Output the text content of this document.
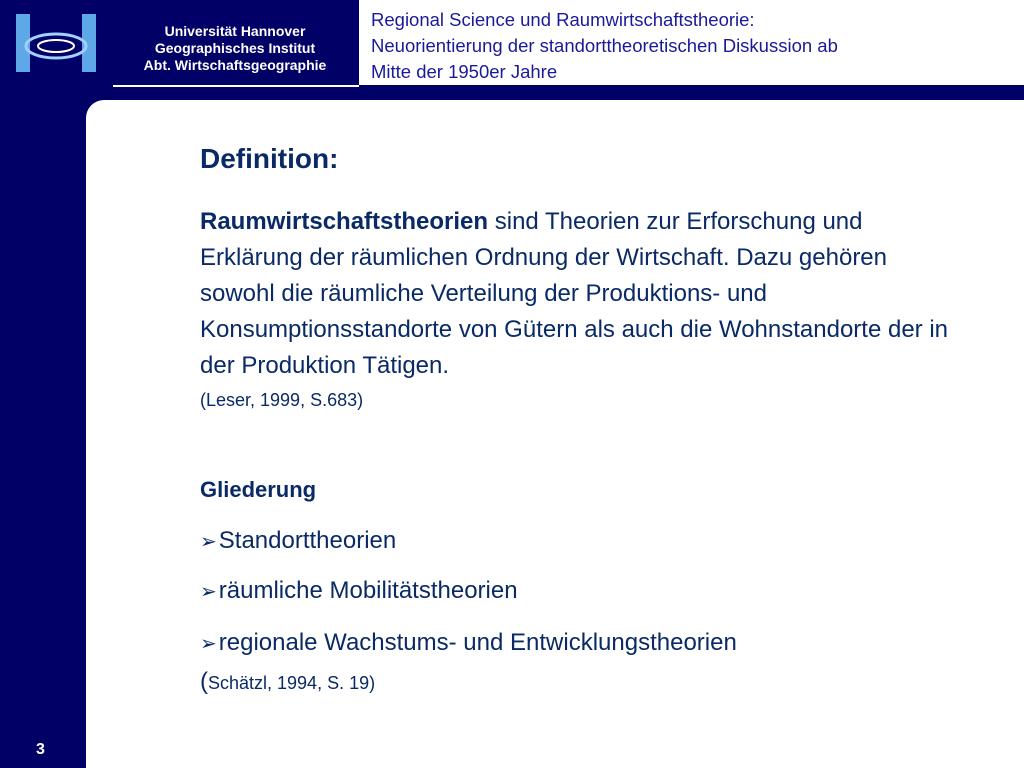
Universität Hannover
Geographisches Institut
Abt. Wirtschaftsgeographie
Regional Science und Raumwirtschaftstheorie:
Neuorientierung der standorttheoretischen Diskussion ab
Mitte der 1950er Jahre
Definition:
Raumwirtschaftstheorien sind Theorien zur Erforschung und Erklärung der räumlichen Ordnung der Wirtschaft. Dazu gehören sowohl die räumliche Verteilung der Produktions- und Konsumptionsstandorte von Gütern als auch die Wohnstandorte der in der Produktion Tätigen.
(Leser, 1999, S.683)
Gliederung
➢Standorttheorien
➢räumliche Mobilitätstheorien
➢regionale Wachstums- und Entwicklungstheorien
(Schätzl, 1994, S. 19)
3
